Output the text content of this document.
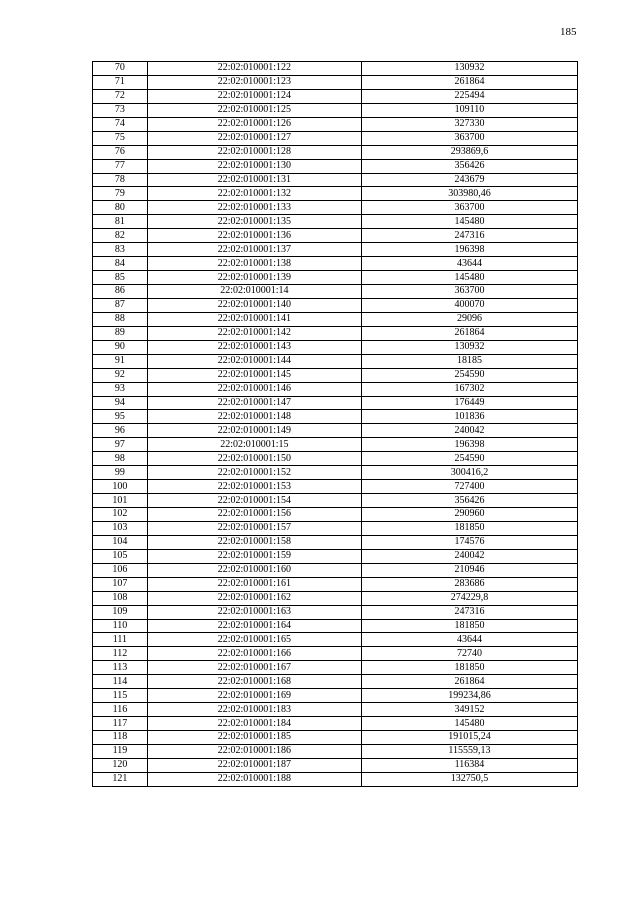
185
70	22:02:010001:122	130932
71	22:02:010001:123	261864
72	22:02:010001:124	225494
73	22:02:010001:125	109110
74	22:02:010001:126	327330
75	22:02:010001:127	363700
76	22:02:010001:128	293869,6
77	22:02:010001:130	356426
78	22:02:010001:131	243679
79	22:02:010001:132	303980,46
80	22:02:010001:133	363700
81	22:02:010001:135	145480
82	22:02:010001:136	247316
83	22:02:010001:137	196398
84	22:02:010001:138	43644
85	22:02:010001:139	145480
86	22:02:010001:14	363700
87	22:02:010001:140	400070
88	22:02:010001:141	29096
89	22:02:010001:142	261864
90	22:02:010001:143	130932
91	22:02:010001:144	18185
92	22:02:010001:145	254590
93	22:02:010001:146	167302
94	22:02:010001:147	176449
95	22:02:010001:148	101836
96	22:02:010001:149	240042
97	22:02:010001:15	196398
98	22:02:010001:150	254590
99	22:02:010001:152	300416,2
100	22:02:010001:153	727400
101	22:02:010001:154	356426
102	22:02:010001:156	290960
103	22:02:010001:157	181850
104	22:02:010001:158	174576
105	22:02:010001:159	240042
106	22:02:010001:160	210946
107	22:02:010001:161	283686
108	22:02:010001:162	274229,8
109	22:02:010001:163	247316
110	22:02:010001:164	181850
111	22:02:010001:165	43644
112	22:02:010001:166	72740
113	22:02:010001:167	181850
114	22:02:010001:168	261864
115	22:02:010001:169	199234,86
116	22:02:010001:183	349152
117	22:02:010001:184	145480
118	22:02:010001:185	191015,24
119	22:02:010001:186	115559,13
120	22:02:010001:187	116384
121	22:02:010001:188	132750,5
